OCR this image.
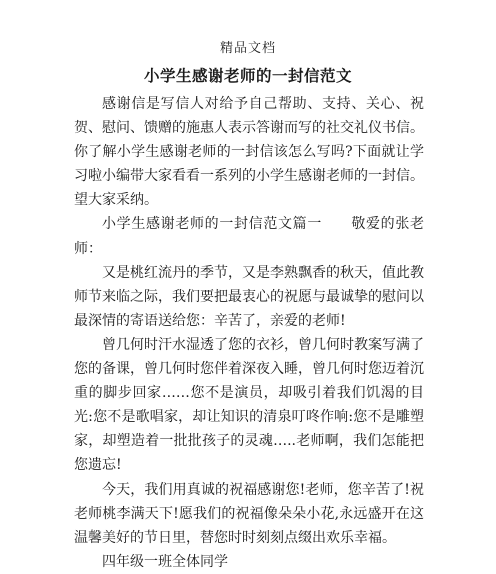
精品文档
小学生感谢老师的一封信范文

感谢信是写信人对给予自己帮助、支持、关心、祝贺、慰问、馈赠的施惠人表示答谢而写的社交礼仪书信。 你了解小学生感谢老师的一封信该怎么写吗?下面就让学习啦小编带大家看看一系列的小学生感谢老师的一封信。望大家采纳。

小学生感谢老师的一封信范文篇一　　敬爱的张老师：

又是桃红流丹的季节，又是李熟飘香的秋天，值此教师节来临之际，我们要把最衷心的祝愿与最诚挚的慰问以最深情的寄语送给您：辛苦了，亲爱的老师!

曾几何时汗水湿透了您的衣衫，曾几何时教案写满了您的备课，曾几何时您伴着深夜入睡，曾几何时您迈着沉重的脚步回家……您不是演员，却吸引着我们饥渴的目光:您不是歌唱家，却让知识的清泉叮咚作响:您不是雕塑家，却塑造着一批批孩子的灵魂…..老师啊，我们怎能把您遗忘!

今天，我们用真诚的祝福感谢您!老师，您辛苦了!祝老师桃李满天下!愿我们的祝福像朵朵小花,永远盛开在这温馨美好的节日里，替您时时刻刻点缀出欢乐幸福。

四年级一班全体同学
